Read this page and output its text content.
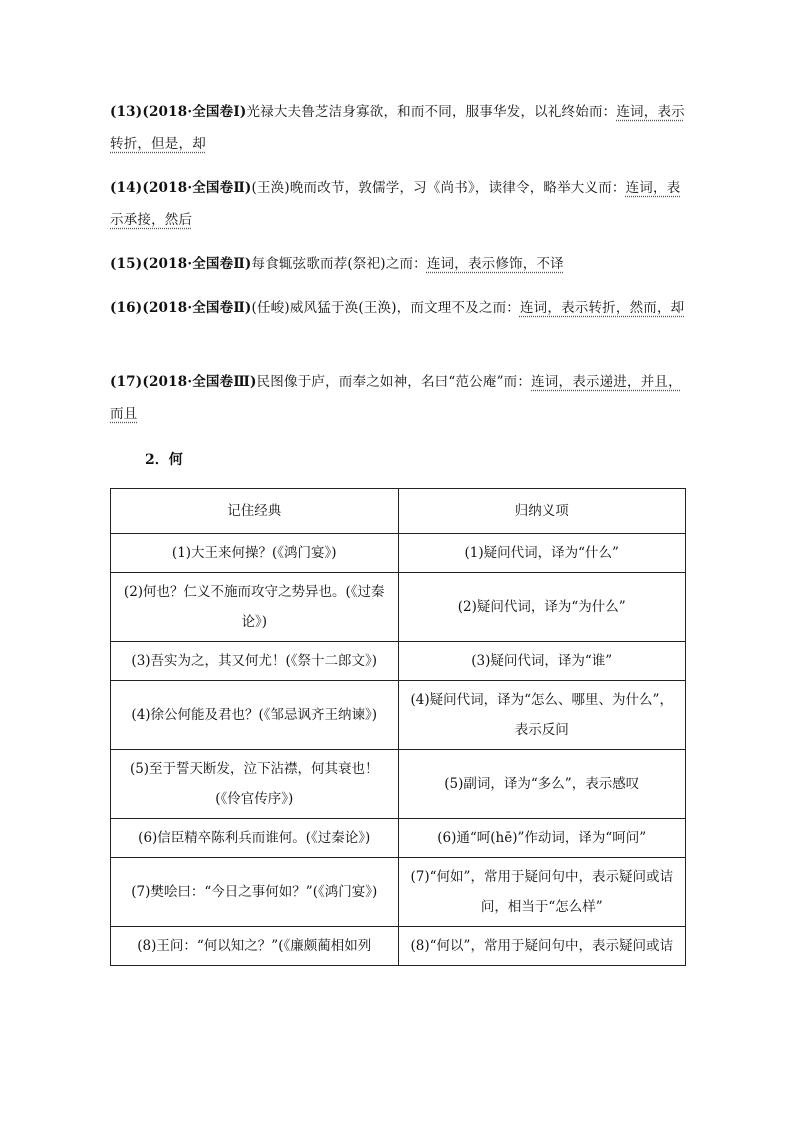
(13)(2018·全国卷Ⅰ)光禄大夫鲁芝洁身寡欲，和而不同，服事华发，以礼终始而：连词，表示转折，但是，却
(14)(2018·全国卷Ⅱ)(王涣)晚而改节，敦儒学，习《尚书》，读律令，略举大义而：连词，表示承接，然后
(15)(2018·全国卷Ⅱ)每食辄弦歌而荐(祭祀)之而：连词，表示修饰，不译
(16)(2018·全国卷Ⅱ)(任峻)威风猛于涣(王涣)，而文理不及之而：连词，表示转折，然而，却
(17)(2018·全国卷Ⅲ)民图像于庐，而奉之如神，名曰“范公庵”而：连词，表示递进，并且，而且
2．何
记住经典	归纳义项
(1)大王来何操？(《鸿门宴》)	(1)疑问代词，译为“什么”
(2)何也？仁义不施而攻守之势异也。(《过秦论》)	(2)疑问代词，译为“为什么”
(3)吾实为之，其又何尤！(《祭十二郎文》)	(3)疑问代词，译为“谁”
(4)徐公何能及君也？(《邹忌讽齐王纳谏》)	(4)疑问代词，译为“怎么、哪里、为什么”，表示反问
(5)至于誓天断发，泣下沾襟，何其衰也！(《伶官传序》)	(5)副词，译为“多么”，表示感叹
(6)信臣精卒陈利兵而谁何。(《过秦论》)	(6)通“呵(hē)”作动词，译为“呵问”
(7)樊哙曰：“今日之事何如？”(《鸿门宴》)	(7)“何如”，常用于疑问句中，表示疑问或诘问，相当于“怎么样”
(8)王问：“何以知之？”(《廉颇蔺相如列	(8)“何以”，常用于疑问句中，表示疑问或诘
